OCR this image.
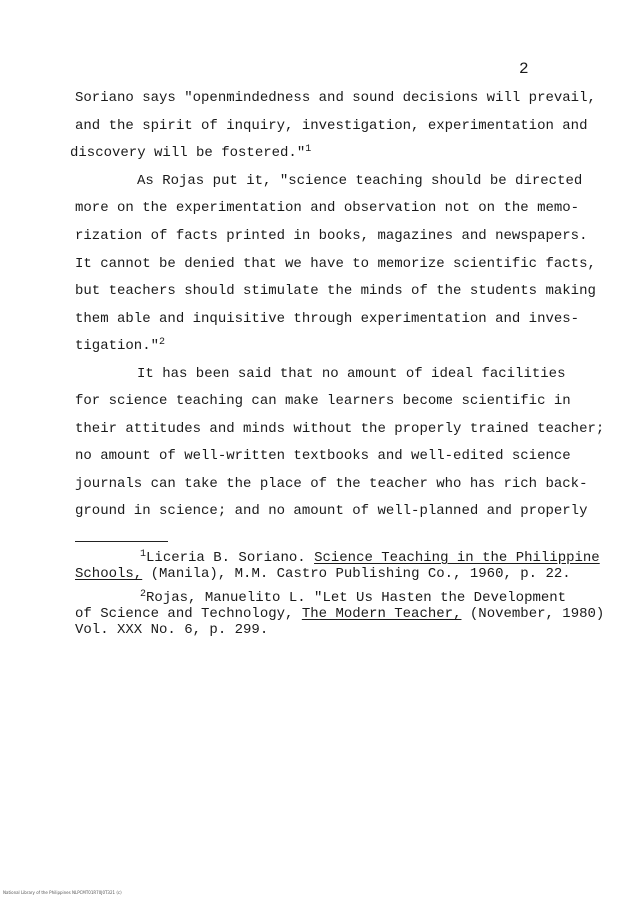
2
Soriano says "openmindedness and sound decisions will prevail,
and the spirit of inquiry, investigation, experimentation and
discovery will be fostered."$^1$
As Rojas put it, "science teaching should be directed
more on the experimentation and observation not on the memo-
rization of facts printed in books, magazines and newspapers.
It cannot be denied that we have to memorize scientific facts,
but teachers should stimulate the minds of the students making
them able and inquisitive through experimentation and inves-
tigation."$^2$
It has been said that no amount of ideal facilities
for science teaching can make learners become scientific in
their attitudes and minds without the properly trained teacher;
no amount of well-written textbooks and well-edited science
journals can take the place of the teacher who has rich back-
ground in science; and no amount of well-planned and properly
$^1$Liceria B. Soriano. Science Teaching in the Philippine
Schools, (Manila), M.M. Castro Publishing Co., 1960, p. 22.
$^2$Rojas, Manuelito L. "Let Us Hasten the Development
of Science and Technology, The Modern Teacher, (November, 1980)
Vol. XXX No. 6, p. 299.
National Library of the Philippines NLPCMT01R70J0T321 (c)
